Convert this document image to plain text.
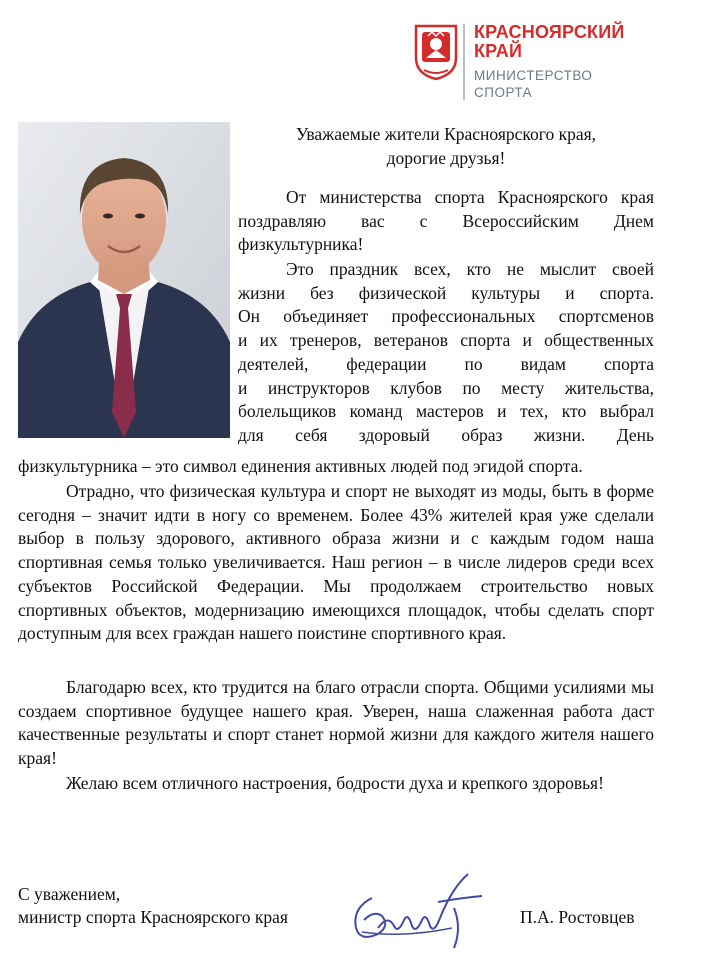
КРАСНОЯРСКИЙ
КРАЙ
МИНИСТЕРСТВО
СПОРТА
Уважаемые жители Красноярского края,
дорогие друзья!

От министерства спорта Красноярского края поздравляю вас с Всероссийским Днем физкультурника!

Это праздник всех, кто не мыслит своей

жизни без физической культуры и спорта.

Он объединяет профессиональных спортсменов

и их тренеров, ветеранов спорта и общественных

деятелей, федерации по видам спорта

и инструкторов клубов по месту жительства,

болельщиков команд мастеров и тех, кто выбрал

для себя здоровый образ жизни. День

физкультурника – это символ единения активных людей под эгидой спорта.

Отрадно, что физическая культура и спорт не выходят из моды, быть в форме сегодня – значит идти в ногу со временем. Более 43% жителей края уже сделали выбор в пользу здорового, активного образа жизни и с каждым годом наша спортивная семья только увеличивается. Наш регион – в числе лидеров среди всех субъектов Российской Федерации. Мы продолжаем строительство новых спортивных объектов, модернизацию имеющихся площадок, чтобы сделать спорт доступным для всех граждан нашего поистине спортивного края.

Благодарю всех, кто трудится на благо отрасли спорта. Общими усилиями мы создаем спортивное будущее нашего края. Уверен, наша слаженная работа даст качественные результаты и спорт станет нормой жизни для каждого жителя нашего края!

Желаю всем отличного настроения, бодрости духа и крепкого здоровья!

С уважением,
министр спорта Красноярского края	П.А. Ростовцев
